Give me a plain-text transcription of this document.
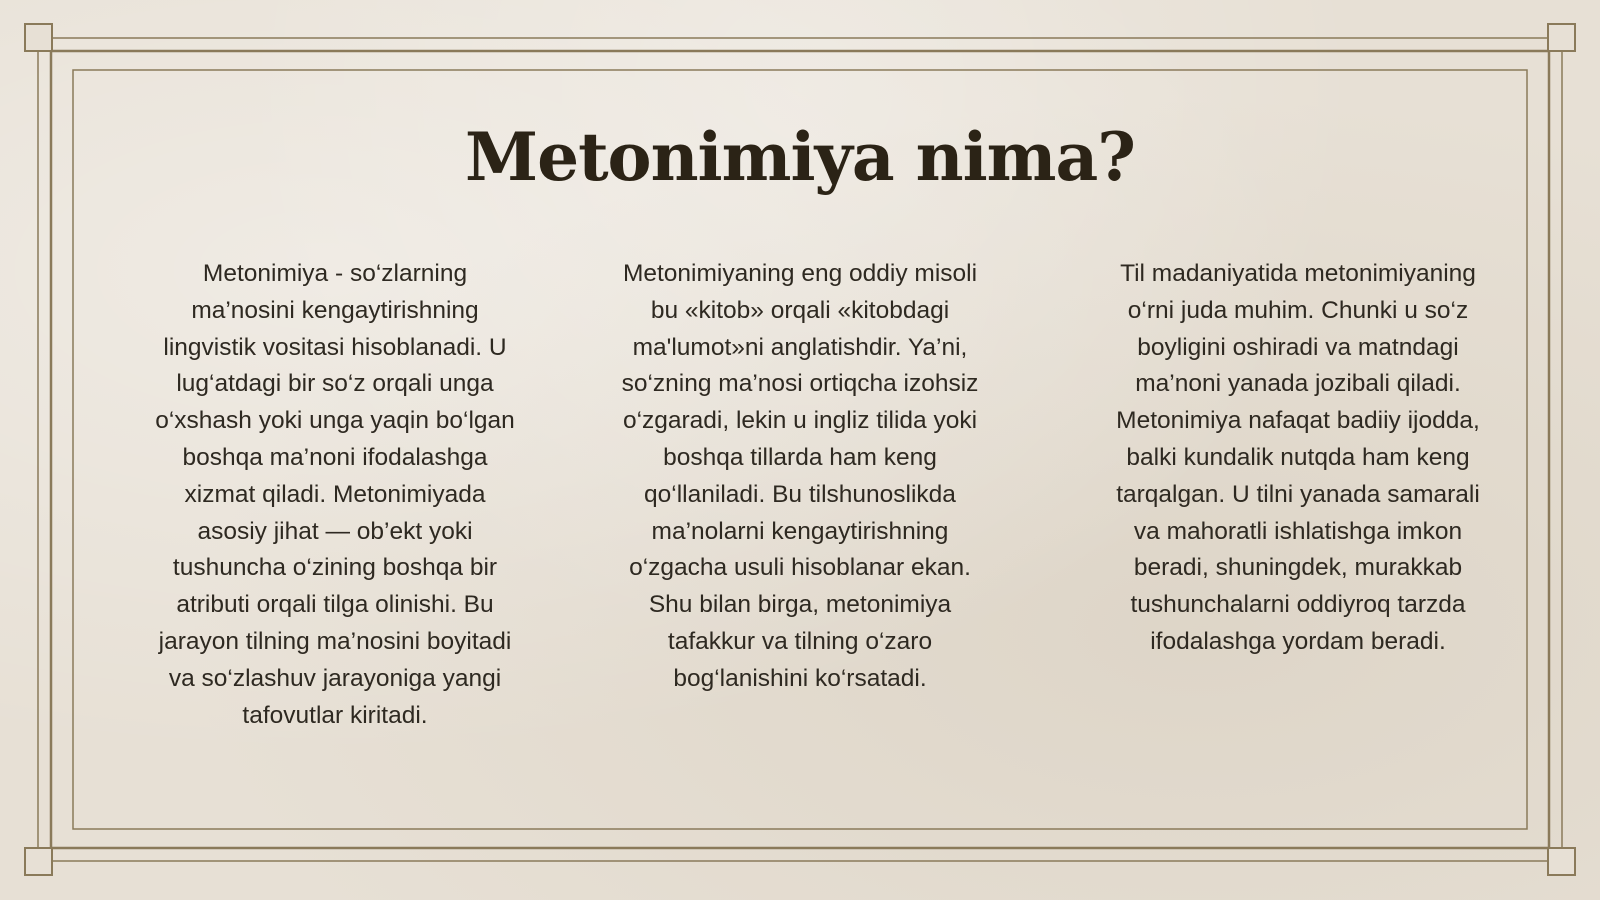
Metonimiya nima?

Metonimiya - so‘zlarning ma’nosini kengaytirishning lingvistik vositasi hisoblanadi. U lug‘atdagi bir so‘z orqali unga o‘xshash yoki unga yaqin bo‘lgan boshqa ma’noni ifodalashga xizmat qiladi. Metonimiyada asosiy jihat — ob’ekt yoki tushuncha o‘zining boshqa bir atributi orqali tilga olinishi. Bu jarayon tilning ma’nosini boyitadi va so‘zlashuv jarayoniga yangi tafovutlar kiritadi.

Metonimiyaning eng oddiy misoli bu «kitob» orqali «kitobdagi ma'lumot»ni anglatishdir. Ya’ni, so‘zning ma’nosi ortiqcha izohsiz o‘zgaradi, lekin u ingliz tilida yoki boshqa tillarda ham keng qo‘llaniladi. Bu tilshunoslikda ma’nolarni kengaytirishning o‘zgacha usuli hisoblanar ekan. Shu bilan birga, metonimiya tafakkur va tilning o‘zaro bog‘lanishini ko‘rsatadi.

Til madaniyatida metonimiyaning o‘rni juda muhim. Chunki u so‘z boyligini oshiradi va matndagi ma’noni yanada jozibali qiladi. Metonimiya nafaqat badiiy ijodda, balki kundalik nutqda ham keng tarqalgan. U tilni yanada samarali va mahoratli ishlatishga imkon beradi, shuningdek, murakkab tushunchalarni oddiyroq tarzda ifodalashga yordam beradi.
